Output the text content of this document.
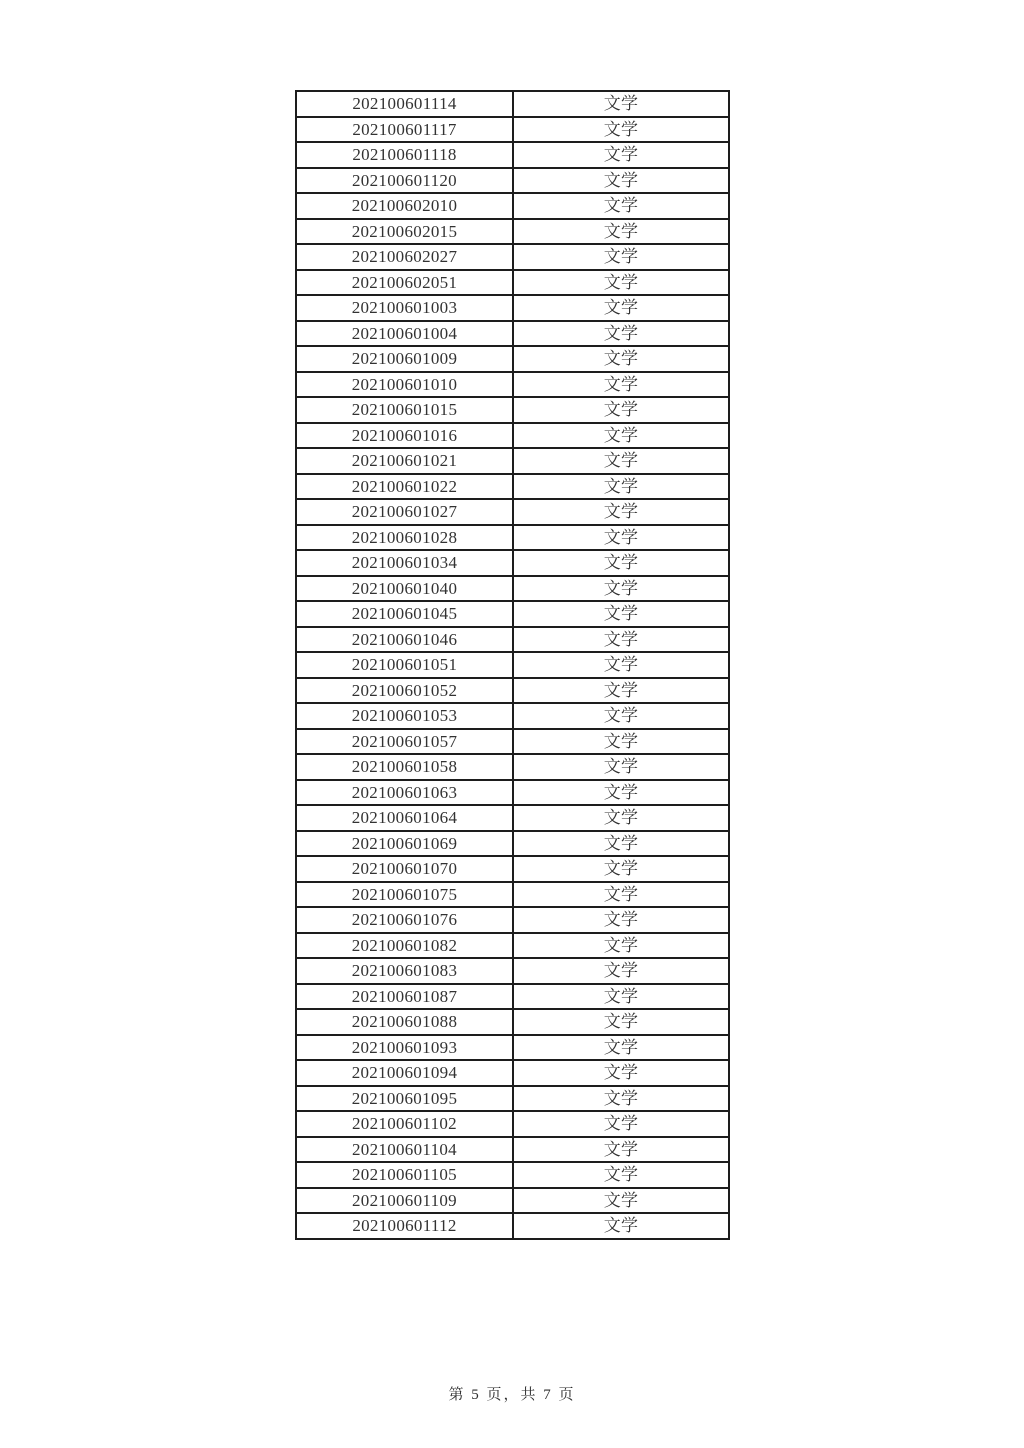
202100601114	文学
202100601117	文学
202100601118	文学
202100601120	文学
202100602010	文学
202100602015	文学
202100602027	文学
202100602051	文学
202100601003	文学
202100601004	文学
202100601009	文学
202100601010	文学
202100601015	文学
202100601016	文学
202100601021	文学
202100601022	文学
202100601027	文学
202100601028	文学
202100601034	文学
202100601040	文学
202100601045	文学
202100601046	文学
202100601051	文学
202100601052	文学
202100601053	文学
202100601057	文学
202100601058	文学
202100601063	文学
202100601064	文学
202100601069	文学
202100601070	文学
202100601075	文学
202100601076	文学
202100601082	文学
202100601083	文学
202100601087	文学
202100601088	文学
202100601093	文学
202100601094	文学
202100601095	文学
202100601102	文学
202100601104	文学
202100601105	文学
202100601109	文学
202100601112	文学
第 5 页，共 7 页
